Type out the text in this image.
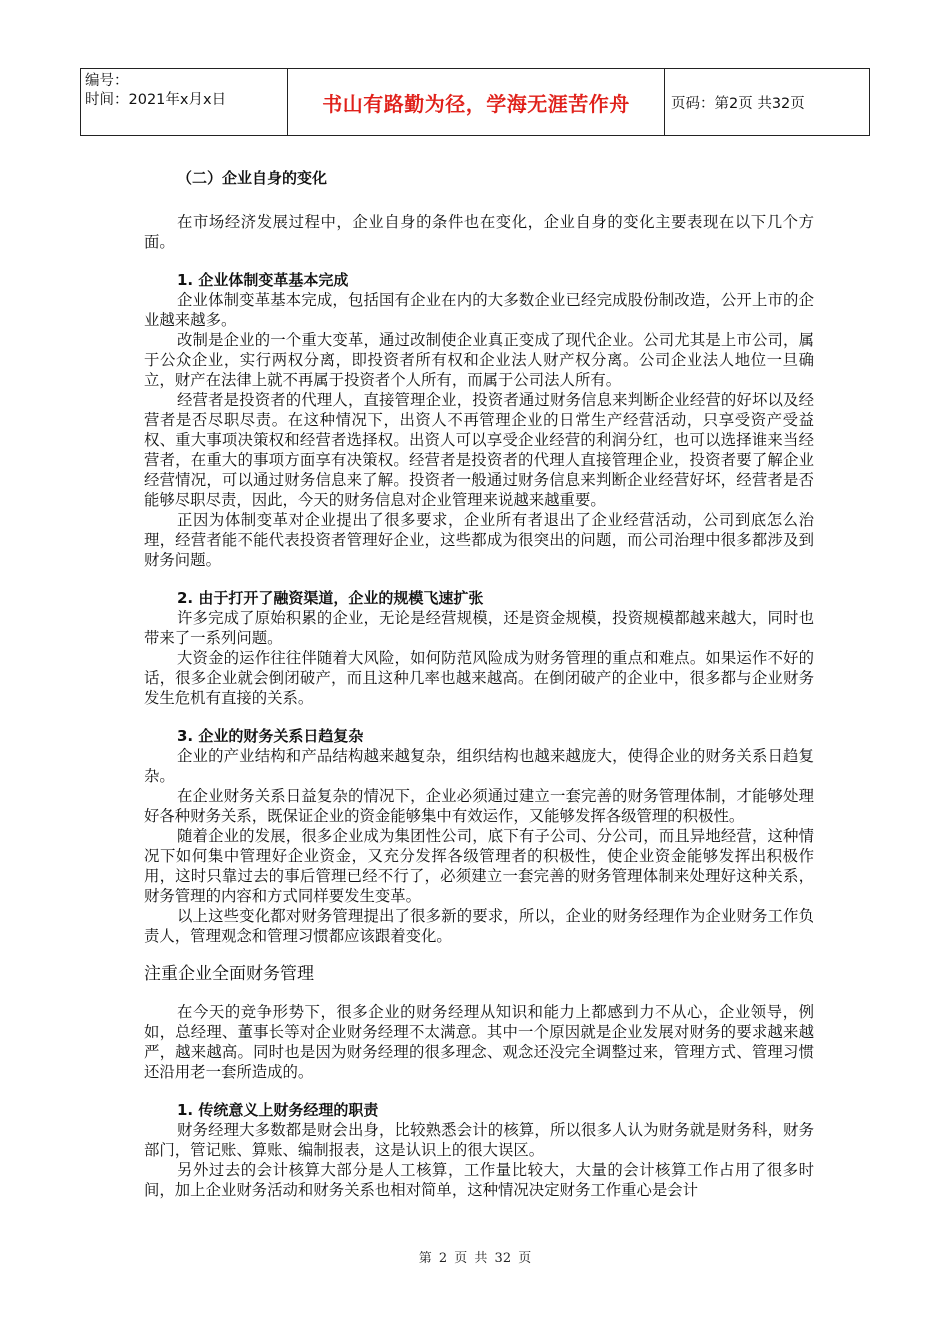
编号：
时间：2021年x月x日	书山有路勤为径，学海无涯苦作舟	页码：第2页 共32页

（二）企业自身的变化

在市场经济发展过程中，企业自身的条件也在变化，企业自身的变化主要表现在以下几个方面。

1. 企业体制变革基本完成

企业体制变革基本完成，包括国有企业在内的大多数企业已经完成股份制改造，公开上市的企业越来越多。

改制是企业的一个重大变革，通过改制使企业真正变成了现代企业。公司尤其是上市公司，属于公众企业，实行两权分离，即投资者所有权和企业法人财产权分离。公司企业法人地位一旦确立，财产在法律上就不再属于投资者个人所有，而属于公司法人所有。

经营者是投资者的代理人，直接管理企业，投资者通过财务信息来判断企业经营的好坏以及经营者是否尽职尽责。在这种情况下，出资人不再管理企业的日常生产经营活动，只享受资产受益权、重大事项决策权和经营者选择权。出资人可以享受企业经营的利润分红，也可以选择谁来当经营者，在重大的事项方面享有决策权。经营者是投资者的代理人直接管理企业，投资者要了解企业经营情况，可以通过财务信息来了解。投资者一般通过财务信息来判断企业经营好坏，经营者是否能够尽职尽责，因此，今天的财务信息对企业管理来说越来越重要。

正因为体制变革对企业提出了很多要求，企业所有者退出了企业经营活动，公司到底怎么治理，经营者能不能代表投资者管理好企业，这些都成为很突出的问题，而公司治理中很多都涉及到财务问题。

2. 由于打开了融资渠道，企业的规模飞速扩张

许多完成了原始积累的企业，无论是经营规模，还是资金规模，投资规模都越来越大，同时也带来了一系列问题。

大资金的运作往往伴随着大风险，如何防范风险成为财务管理的重点和难点。如果运作不好的话，很多企业就会倒闭破产，而且这种几率也越来越高。在倒闭破产的企业中，很多都与企业财务发生危机有直接的关系。

3. 企业的财务关系日趋复杂

企业的产业结构和产品结构越来越复杂，组织结构也越来越庞大，使得企业的财务关系日趋复杂。

在企业财务关系日益复杂的情况下，企业必须通过建立一套完善的财务管理体制，才能够处理好各种财务关系，既保证企业的资金能够集中有效运作，又能够发挥各级管理的积极性。

随着企业的发展，很多企业成为集团性公司，底下有子公司、分公司，而且异地经营，这种情况下如何集中管理好企业资金，又充分发挥各级管理者的积极性，使企业资金能够发挥出积极作用，这时只靠过去的事后管理已经不行了，必须建立一套完善的财务管理体制来处理好这种关系，财务管理的内容和方式同样要发生变革。

以上这些变化都对财务管理提出了很多新的要求，所以，企业的财务经理作为企业财务工作负责人，管理观念和管理习惯都应该跟着变化。

注重企业全面财务管理

在今天的竞争形势下，很多企业的财务经理从知识和能力上都感到力不从心，企业领导，例如，总经理、董事长等对企业财务经理不太满意。其中一个原因就是企业发展对财务的要求越来越严，越来越高。同时也是因为财务经理的很多理念、观念还没完全调整过来，管理方式、管理习惯还沿用老一套所造成的。

1. 传统意义上财务经理的职责

财务经理大多数都是财会出身，比较熟悉会计的核算，所以很多人认为财务就是财务科，财务部门，管记账、算账、编制报表，这是认识上的很大误区。

另外过去的会计核算大部分是人工核算，工作量比较大，大量的会计核算工作占用了很多时间，加上企业财务活动和财务关系也相对简单，这种情况决定财务工作重心是会计

第 2 页 共 32 页
